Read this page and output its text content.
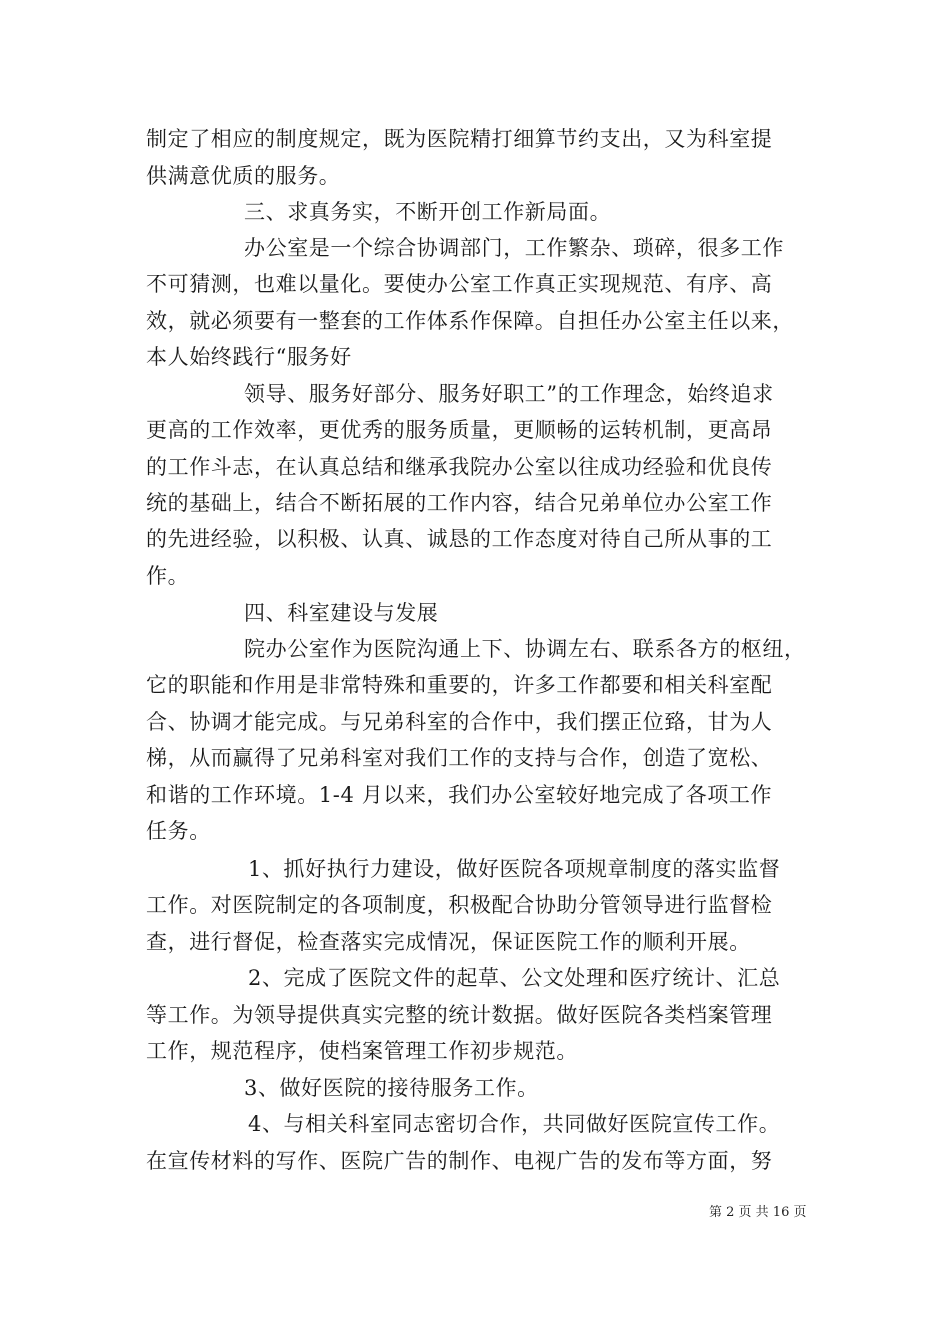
制定了相应的制度规定，既为医院精打细算节约支出，又为科室提
供满意优质的服务。
三、求真务实，不断开创工作新局面。
办公室是一个综合协调部门，工作繁杂、琐碎，很多工作
不可猜测，也难以量化。要使办公室工作真正实现规范、有序、高
效，就必须要有一整套的工作体系作保障。自担任办公室主任以来，
本人始终践行“服务好
领导、服务好部分、服务好职工”的工作理念，始终追求
更高的工作效率，更优秀的服务质量，更顺畅的运转机制，更高昂
的工作斗志，在认真总结和继承我院办公室以往成功经验和优良传
统的基础上，结合不断拓展的工作内容，结合兄弟单位办公室工作
的先进经验，以积极、认真、诚恳的工作态度对待自己所从事的工
作。
四、科室建设与发展
院办公室作为医院沟通上下、协调左右、联系各方的枢纽，
它的职能和作用是非常特殊和重要的，许多工作都要和相关科室配
合、协调才能完成。与兄弟科室的合作中，我们摆正位臵，甘为人
梯，从而赢得了兄弟科室对我们工作的支持与合作，创造了宽松、
和谐的工作环境。1-4 月以来，我们办公室较好地完成了各项工作
任务。
1、抓好执行力建设，做好医院各项规章制度的落实监督
工作。对医院制定的各项制度，积极配合协助分管领导进行监督检
查，进行督促，检查落实完成情况，保证医院工作的顺利开展。
2、完成了医院文件的起草、公文处理和医疗统计、汇总
等工作。为领导提供真实完整的统计数据。做好医院各类档案管理
工作，规范程序，使档案管理工作初步规范。
3、做好医院的接待服务工作。
4、与相关科室同志密切合作，共同做好医院宣传工作。
在宣传材料的写作、医院广告的制作、电视广告的发布等方面，努
第 2 页 共 16 页
